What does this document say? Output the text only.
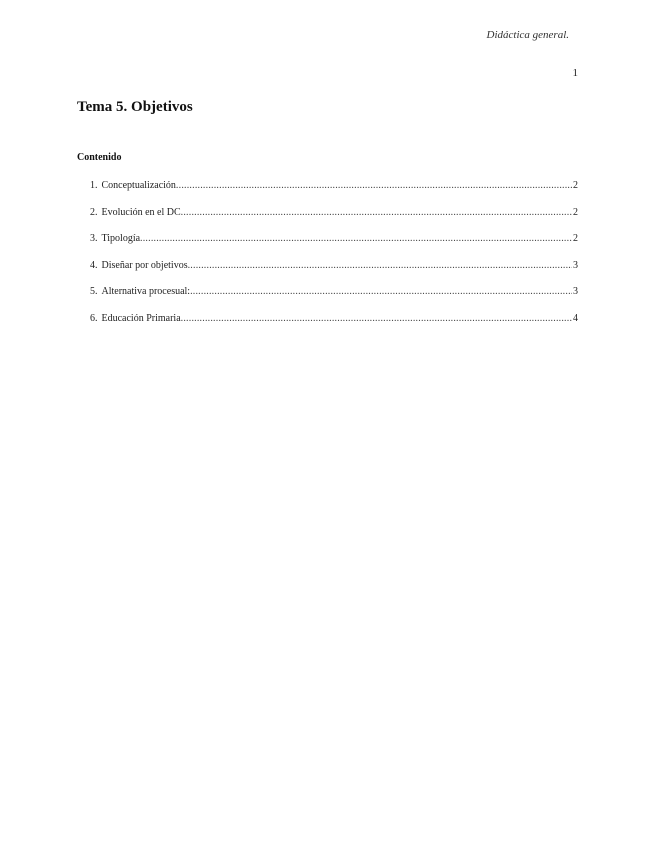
Didáctica general.
1
Tema 5. Objetivos
Contenido
1. Conceptualización .....	2
2. Evolución en el DC .....	2
3. Tipología .....	2
4. Diseñar por objetivos .....	3
5. Alternativa procesual: .....	3
6. Educación Primaria .....	4
